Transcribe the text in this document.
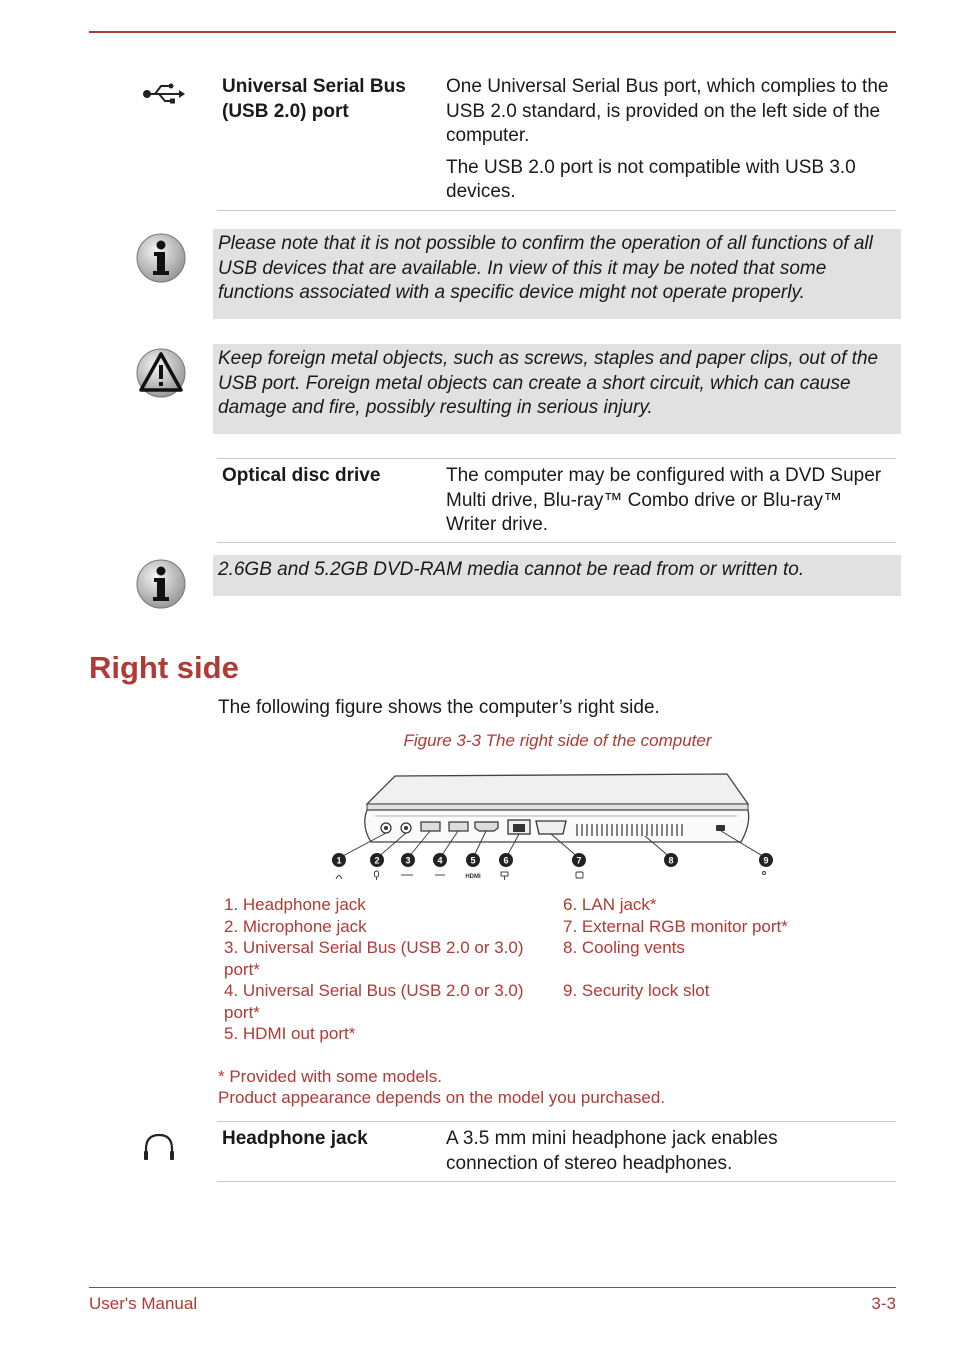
Universal Serial Bus (USB 2.0) port

One Universal Serial Bus port, which complies to the USB 2.0 standard, is provided on the left side of the computer.

The USB 2.0 port is not compatible with USB 3.0 devices.

Please note that it is not possible to confirm the operation of all functions of all USB devices that are available. In view of this it may be noted that some functions associated with a specific device might not operate properly.
Keep foreign metal objects, such as screws, staples and paper clips, out of the USB port. Foreign metal objects can create a short circuit, which can cause damage and fire, possibly resulting in serious injury.
Optical disc drive	The computer may be configured with a DVD Super Multi drive, Blu-ray™ Combo drive or Blu-ray™ Writer drive.
2.6GB and 5.2GB DVD-RAM media cannot be read from or written to.
Right side
The following figure shows the computer’s right side.
Figure 3-3 The right side of the computer
1	2	3	4	5	6	7	8	9
HDMI
1. Headphone jack
2. Microphone jack
3. Universal Serial Bus (USB 2.0 or 3.0) port*
4. Universal Serial Bus (USB 2.0 or 3.0) port*
5. HDMI out port*
6. LAN jack*
7. External RGB monitor port*
8. Cooling vents
9. Security lock slot
* Provided with some models.
Product appearance depends on the model you purchased.
Headphone jack	A 3.5 mm mini headphone jack enables connection of stereo headphones.
User's Manual	3-3
